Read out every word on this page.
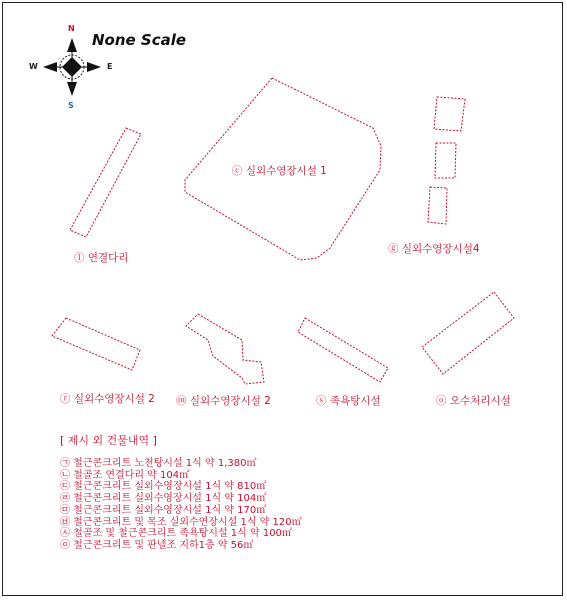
N
S
W	E
None Scale
ⓒ 실외수영장시설 1
ⓛ 연결다리
ⓖ 실외수영장시설4
ⓡ 실외수영장시설 2 ⓜ 실외수영장시설 2	ⓢ 족욕탕시설	ⓞ 오수처리시설
[ 제시 외 건물내역 ]
㉠ 철근콘크리트 노천탕시설 1식 약 1,380㎡
㉡ 철골조 연결다리 약 104㎡
㉢ 철근콘크리트 실외수영장시설 1식 약 810㎡
㉣ 철근콘크리트 실외수영장시설 1식 약 104㎡
㉤ 철근콘크리트 실외수영장시설 1식 약 170㎡
㉥ 철근콘크리트 및 목조 실외수연장시설 1식 약 120㎡
㉦ 철골조 및 철근콘크리트 족욕탕시설 1식 약 100㎡
㉧ 철근콘크리트 및 판넬조 지하1층 약 56㎡
